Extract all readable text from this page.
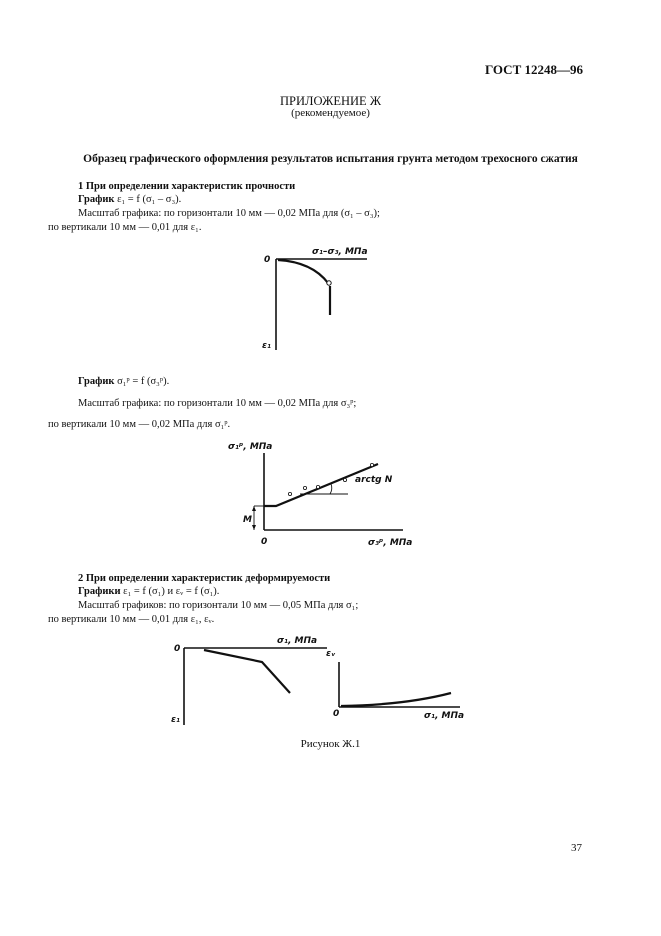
ГОСТ 12248—96
ПРИЛОЖЕНИЕ Ж
(рекомендуемое)
Образец графического оформления результатов испытания грунта методом трехосного сжатия
1 При определении характеристик прочности
График ε₁ = f (σ₁ – σ₃).
Масштаб графика: по горизонтали 10 мм — 0,02 МПа для (σ₁ – σ₃);
по вертикали 10 мм — 0,01 для ε₁.
0
σ₁–σ₃, МПа
ε₁
График σ₁ᵖ = f (σ₃ᵖ).
Масштаб графика: по горизонтали 10 мм — 0,02 МПа для σ₃ᵖ;
по вертикали 10 мм — 0,02 МПа для σ₁ᵖ.
σ₁ᵖ, МПа
arctg N
M
0	σ₃ᵖ, МПа
2 При определении характеристик деформируемости
Графики ε₁ = f (σ₁) и εᵥ = f (σ₁).
Масштаб графиков: по горизонтали 10 мм — 0,05 МПа для σ₁;
по вертикали 10 мм — 0,01 для ε₁, εᵥ.
0
σ₁, МПа
ε₁
εᵥ
0	σ₁, МПа
Рисунок Ж.1
37
